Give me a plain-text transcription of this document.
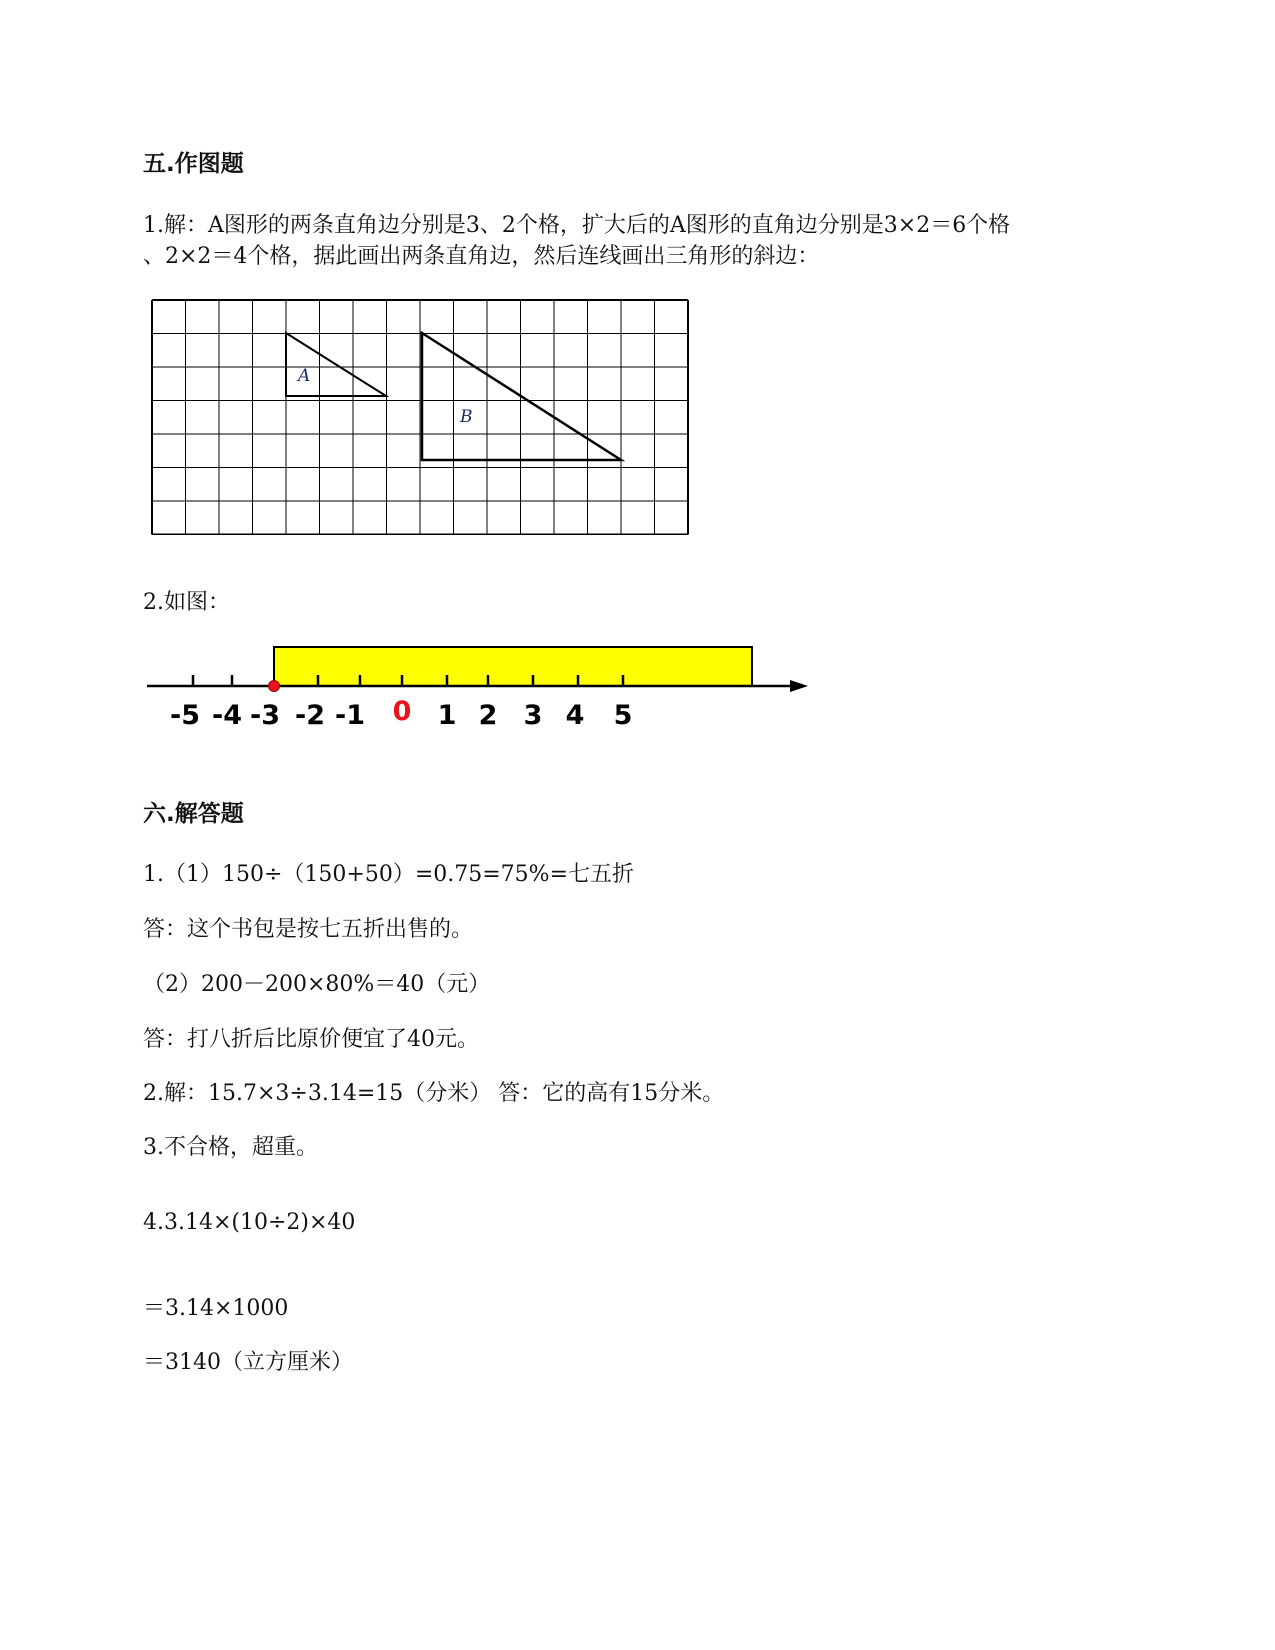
五.作图题
1.解：A图形的两条直角边分别是3、2个格，扩大后的A图形的直角边分别是3×2＝6个格
、2×2＝4个格，据此画出两条直角边，然后连线画出三角形的斜边：
A
B
2.如图：
-5 -4 -3 -2 -1 0 1 2 3 4 5
六.解答题
1.（1）150÷（150+50）=0.75=75%=七五折
答：这个书包是按七五折出售的。
（2）200－200×80%＝40（元）
答：打八折后比原价便宜了40元。
2.解：15.7×3÷3.14=15（分米） 答：它的高有15分米。
3.不合格，超重。
4.3.14×(10÷2)×40
＝3.14×1000
＝3140（立方厘米）
